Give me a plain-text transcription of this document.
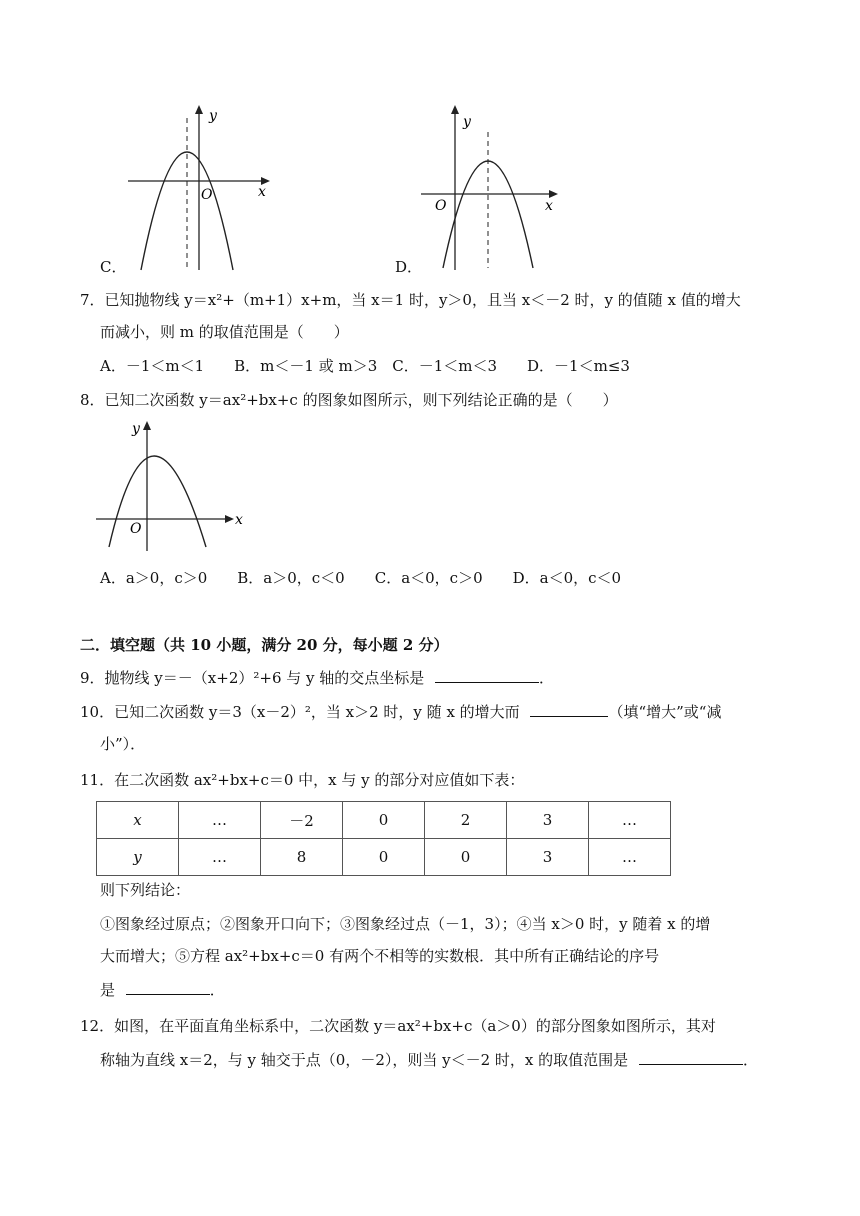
y
x
O
C．
y
x
O
D．
7．已知抛物线 y＝x²+（m+1）x+m，当 x＝1 时，y＞0，且当 x＜－2 时，y 的值随 x 值的增大
而减小，则 m 的取值范围是（　　）
A．－1＜m＜1　　B．m＜－1 或 m＞3　C．－1＜m＜3　　D．－1＜m≤3
8．已知二次函数 y＝ax²+bx+c 的图象如图所示，则下列结论正确的是（　　）
y
x
O
A．a＞0，c＞0　　B．a＞0，c＜0　　C．a＜0，c＞0　　D．a＜0，c＜0
二．填空题（共 10 小题，满分 20 分，每小题 2 分）
9．抛物线 y＝－（x+2）²+6 与 y 轴的交点坐标是	．
10．已知二次函数 y＝3（x－2）²，当 x＞2 时，y 随 x 的增大而	（填“增大”或“减
小”）．
11．在二次函数 ax²+bx+c＝0 中，x 与 y 的部分对应值如下表：
x	…	－2	0	2	3	…
y	…	8	0	0	3	…
则下列结论：
①图象经过原点；②图象开口向下；③图象经过点（－1，3）；④当 x＞0 时，y 随着 x 的增
大而增大；⑤方程 ax²+bx+c＝0 有两个不相等的实数根．其中所有正确结论的序号
是	．
12．如图，在平面直角坐标系中，二次函数 y＝ax²+bx+c（a＞0）的部分图象如图所示，其对
称轴为直线 x＝2，与 y 轴交于点（0，－2），则当 y＜－2 时，x 的取值范围是	．
